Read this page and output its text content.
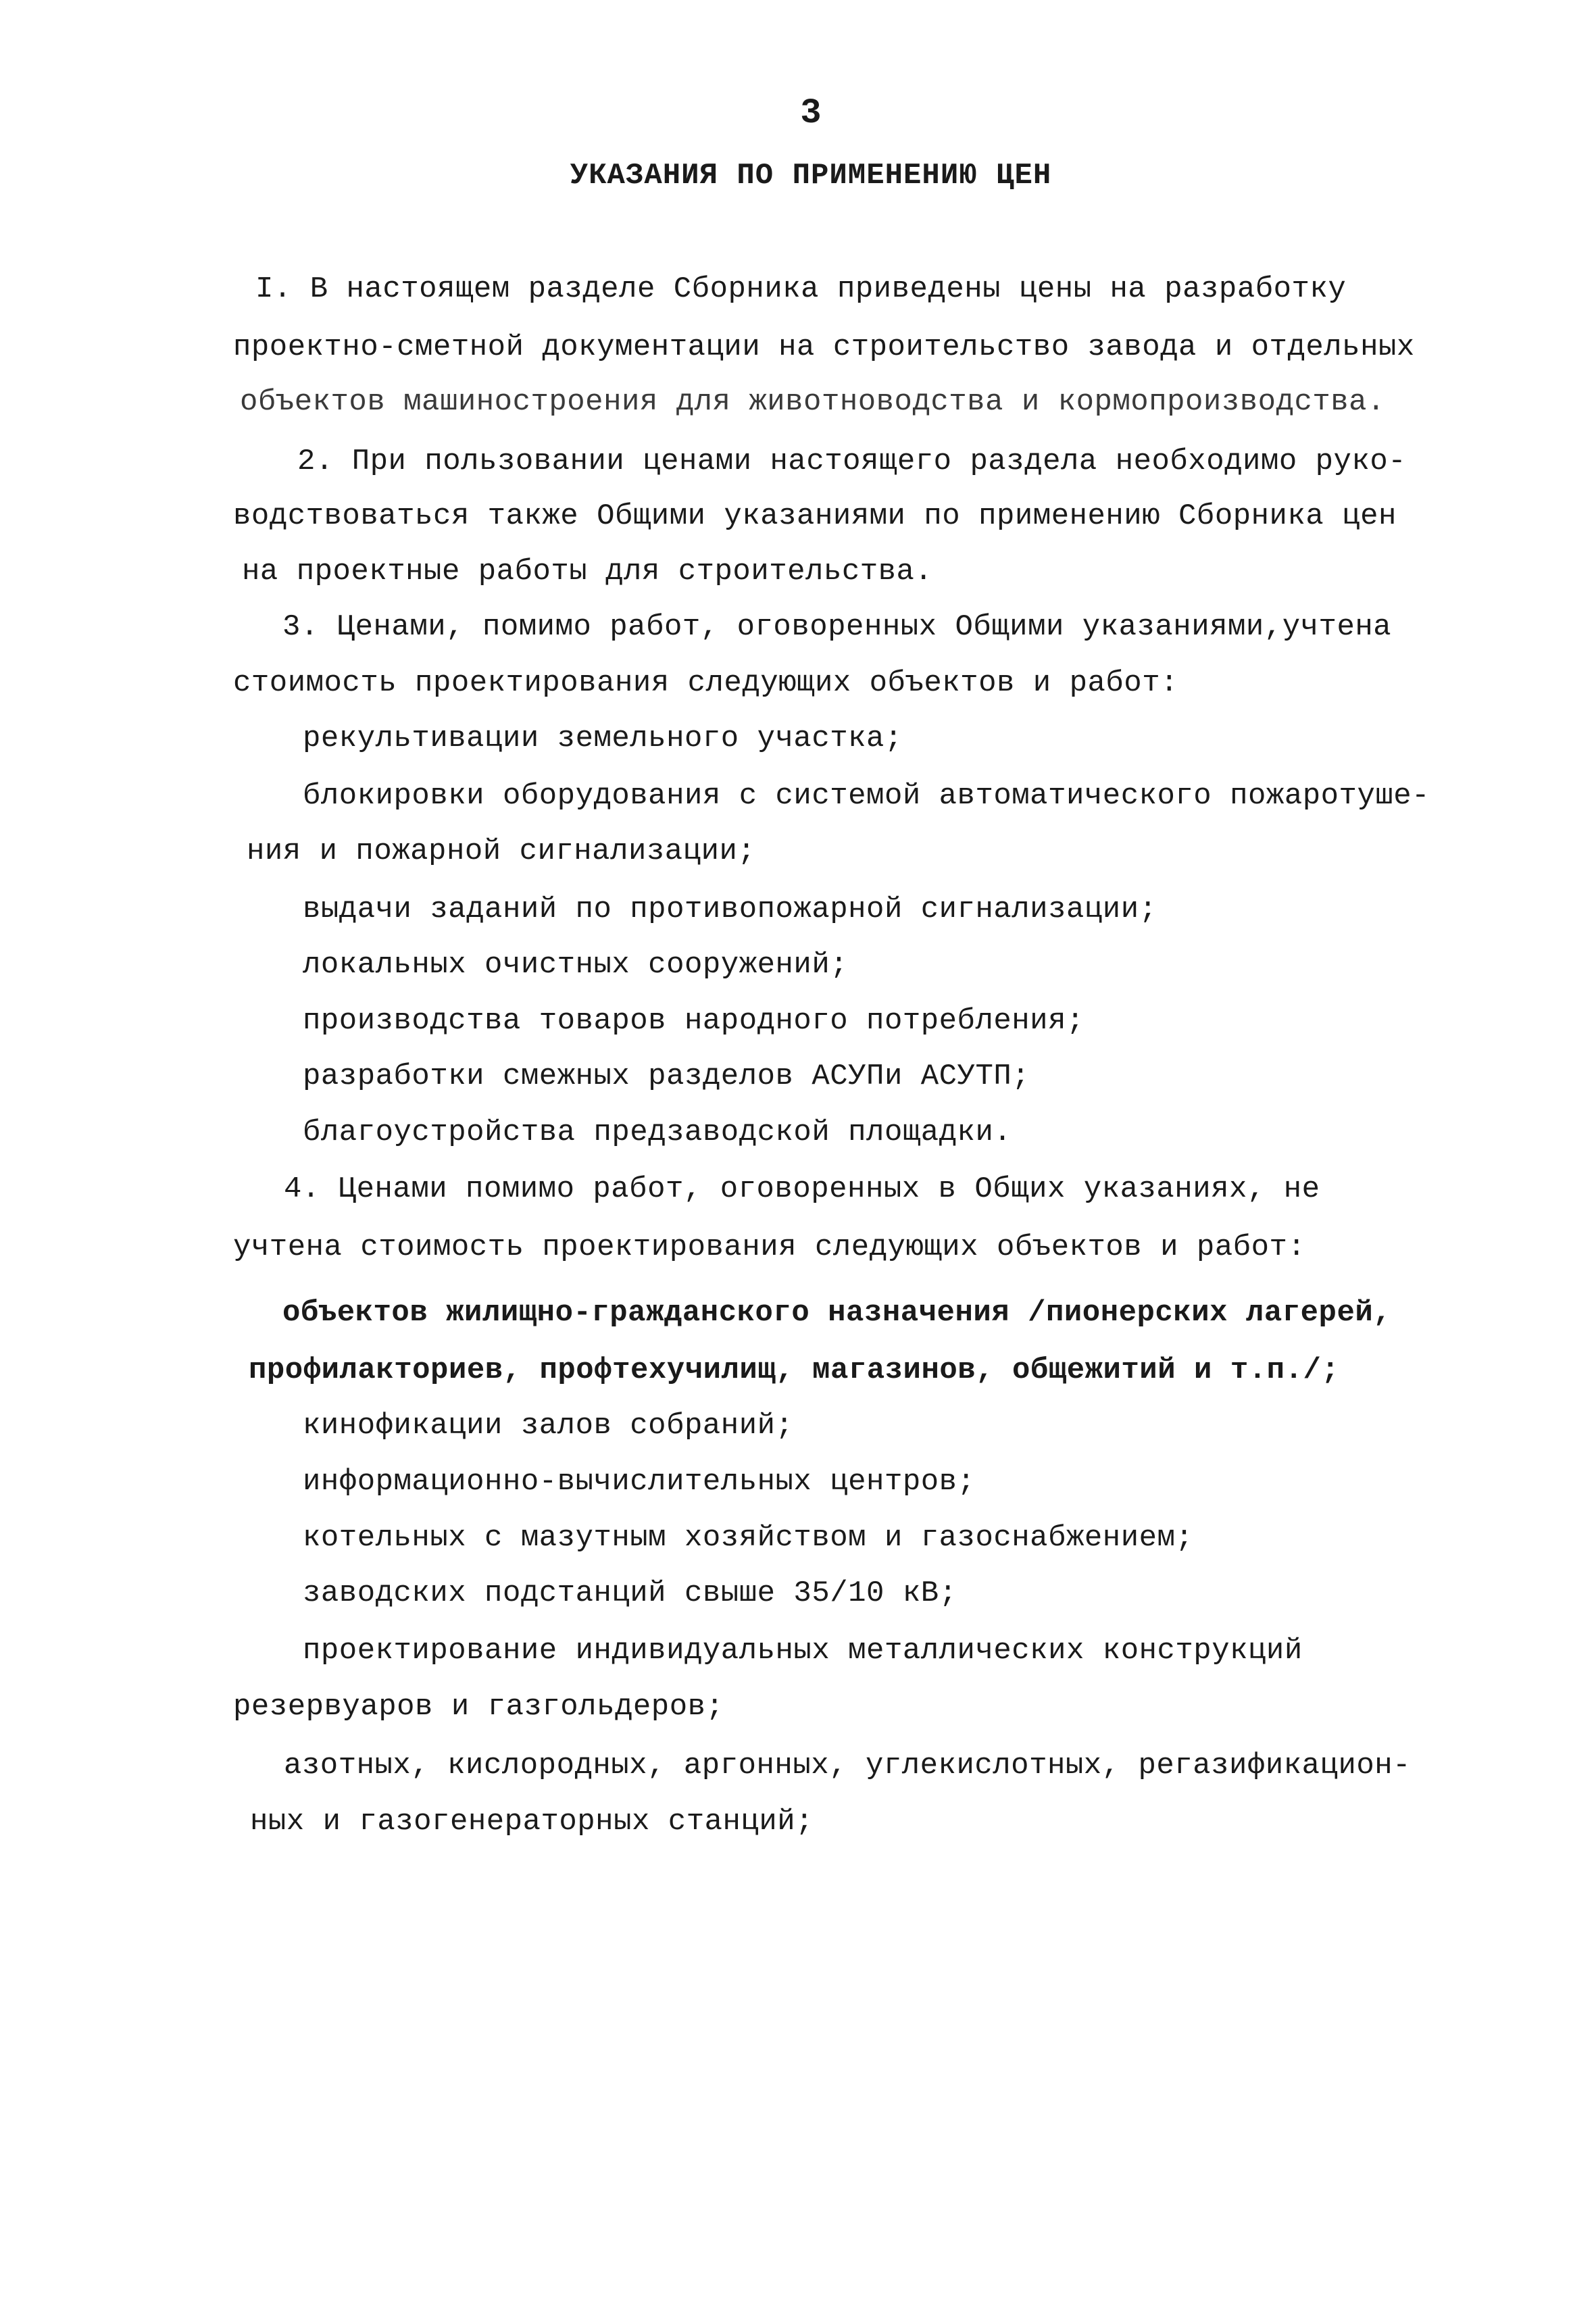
3
УКАЗАНИЯ ПО ПРИМЕНЕНИЮ ЦЕН
I. В настоящем разделе Сборника приведены цены на разработку
проектно-сметной документации на строительство завода и отдельных
объектов машиностроения для животноводства и кормопроизводства.
2. При пользовании ценами настоящего раздела необходимо руко-
водствоваться также Общими указаниями по применению Сборника цен
на проектные работы для строительства.
3. Ценами, помимо работ, оговоренных Общими указаниями,учтена
стоимость проектирования следующих объектов и работ:
рекультивации земельного участка;
блокировки оборудования с системой автоматического пожаротуше-
ния и пожарной сигнализации;
выдачи заданий по противопожарной сигнализации;
локальных очистных сооружений;
производства товаров народного потребления;
разработки смежных разделов АСУПи АСУТП;
благоустройства предзаводской площадки.
4. Ценами помимо работ, оговоренных в Общих указаниях, не
учтена стоимость проектирования следующих объектов и работ:
объектов жилищно-гражданского назначения /пионерских лагерей,
профилакториев, профтехучилищ, магазинов, общежитий и т.п./;
кинофикации залов собраний;
информационно-вычислительных центров;
котельных с мазутным хозяйством и газоснабжением;
заводских подстанций свыше 35/10 кВ;
проектирование индивидуальных металлических конструкций
резервуаров и газгольдеров;
азотных, кислородных, аргонных, углекислотных, регазификацион-
ных и газогенераторных станций;
